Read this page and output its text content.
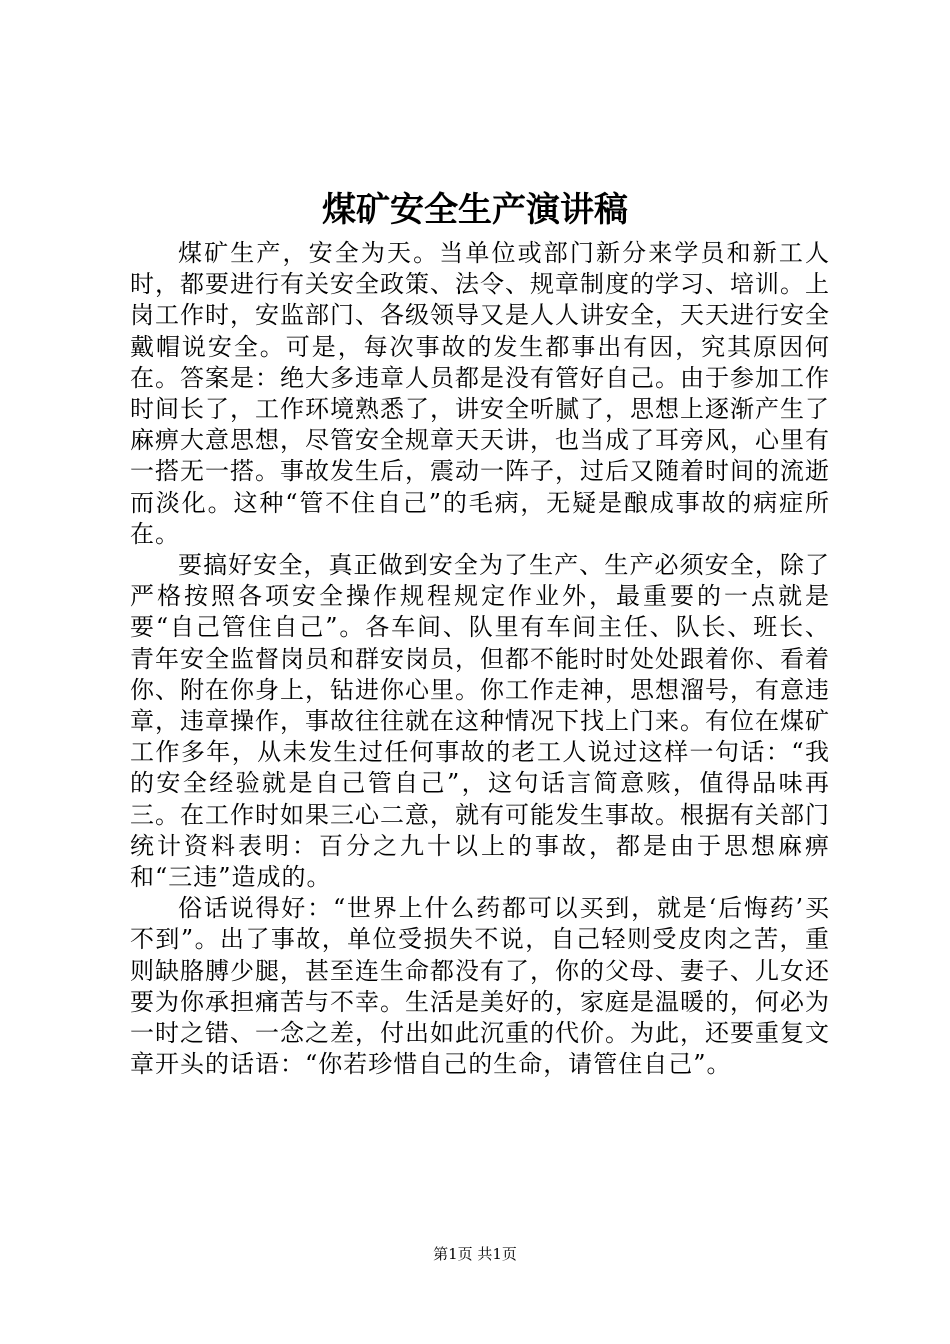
煤矿安全生产演讲稿

煤矿生产，安全为天。当单位或部门新分来学员和新工人时，都要进行有关安全政策、法令、规章制度的学习、培训。上岗工作时，安监部门、各级领导又是人人讲安全，天天进行安全戴帽说安全。可是，每次事故的发生都事出有因，究其原因何在。答案是：绝大多违章人员都是没有管好自己。由于参加工作时间长了，工作环境熟悉了，讲安全听腻了，思想上逐渐产生了麻痹大意思想，尽管安全规章天天讲，也当成了耳旁风，心里有一搭无一搭。事故发生后，震动一阵子，过后又随着时间的流逝而淡化。这种“管不住自己”的毛病，无疑是酿成事故的病症所在。

要搞好安全，真正做到安全为了生产、生产必须安全，除了严格按照各项安全操作规程规定作业外，最重要的一点就是要“自己管住自己”。各车间、队里有车间主任、队长、班长、青年安全监督岗员和群安岗员，但都不能时时处处跟着你、看着你、附在你身上，钻进你心里。你工作走神，思想溜号，有意违章，违章操作，事故往往就在这种情况下找上门来。有位在煤矿工作多年，从未发生过任何事故的老工人说过这样一句话：“我的安全经验就是自己管自己”，这句话言简意赅，值得品味再三。在工作时如果三心二意，就有可能发生事故。根据有关部门统计资料表明：百分之九十以上的事故，都是由于思想麻痹和“三违”造成的。

俗话说得好：“世界上什么药都可以买到，就是‘后悔药’买不到”。出了事故，单位受损失不说，自己轻则受皮肉之苦，重则缺胳膊少腿，甚至连生命都没有了，你的父母、妻子、儿女还要为你承担痛苦与不幸。生活是美好的，家庭是温暖的，何必为一时之错、一念之差，付出如此沉重的代价。为此，还要重复文章开头的话语：“你若珍惜自己的生命，请管住自己”。

第1页 共1页
